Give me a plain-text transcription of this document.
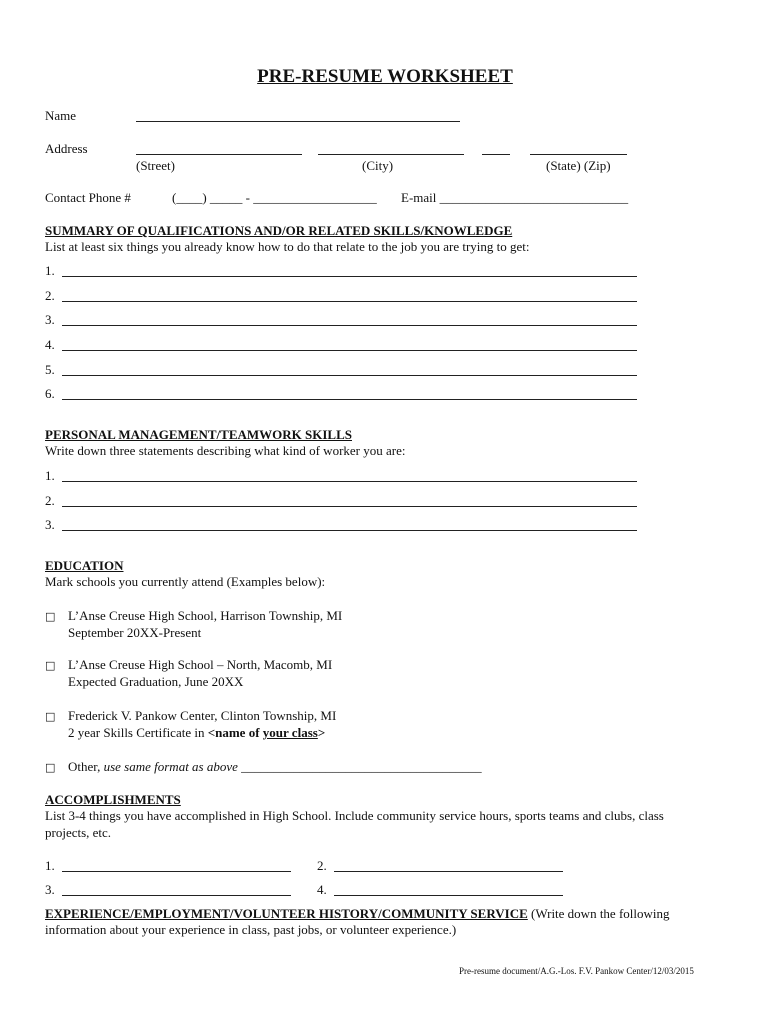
PRE-RESUME WORKSHEET
Name
Address
(Street)	(City)	(State) (Zip)
Contact Phone #	(____) _____ - ___________________ E-mail _____________________________
SUMMARY OF QUALIFICATIONS AND/OR RELATED SKILLS/KNOWLEDGE
List at least six things you already know how to do that relate to the job you are trying to get:
1.
2.
3.
4.
5.
6.
PERSONAL MANAGEMENT/TEAMWORK SKILLS
Write down three statements describing what kind of worker you are:
1.
2.
3.
EDUCATION
Mark schools you currently attend (Examples below):
□ L’Anse Creuse High School, Harrison Township, MI
September 20XX-Present
□ L’Anse Creuse High School – North, Macomb, MI
Expected Graduation, June 20XX
□ Frederick V. Pankow Center, Clinton Township, MI
2 year Skills Certificate in <name of your class>
□ Other, use same format as above _____________________________________
ACCOMPLISHMENTS
List 3-4 things you have accomplished in High School. Include community service hours, sports teams and clubs, class
projects, etc.
1.	2.
3.	4.
EXPERIENCE/EMPLOYMENT/VOLUNTEER HISTORY/COMMUNITY SERVICE (Write down the following
information about your experience in class, past jobs, or volunteer experience.)
Pre-resume document/A.G.-Los. F.V. Pankow Center/12/03/2015
